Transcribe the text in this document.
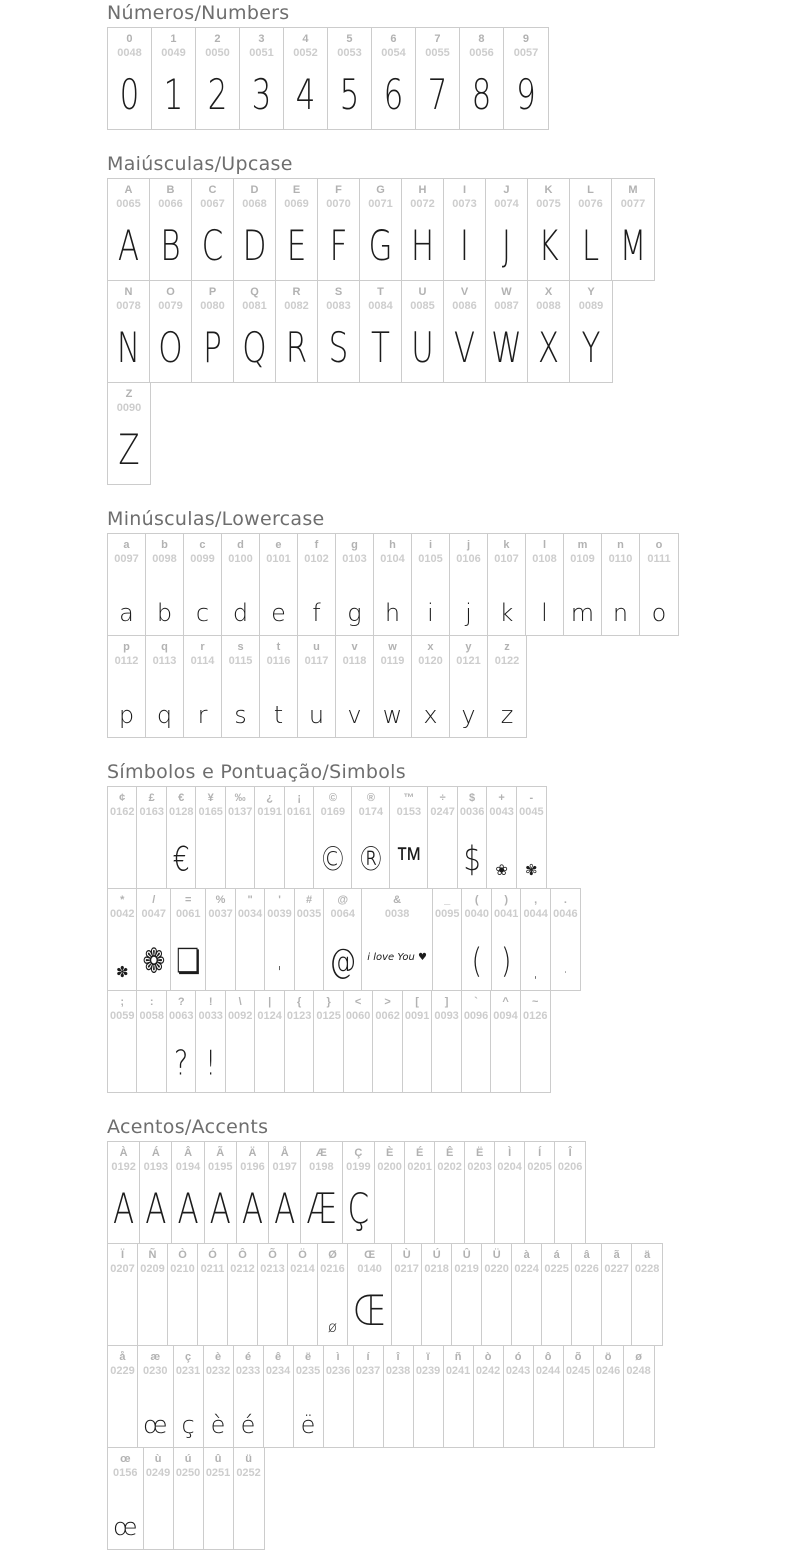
Números/Numbers
0
0048
0
1
0049
1
2
0050
2
3
0051
3
4
0052
4
5
0053
5
6
0054
6
7
0055
7
8
0056
8
9
0057
9
Maiúsculas/Upcase
A
0065
A
B
0066
B
C
0067
C
D
0068
D
E
0069
E
F
0070
F
G
0071
G
H
0072
H
I
0073
I
J
0074
J
K
0075
K
L
0076
L
M
0077
M
N
0078
N
O
0079
O
P
0080
P
Q
0081
Q
R
0082
R
S
0083
S
T
0084
T
U
0085
U
V
0086
V
W
0087
W
X
0088
X
Y
0089
Y
Z
0090
Z
Minúsculas/Lowercase
a
0097
a
b
0098
b
c
0099
c
d
0100
d
e
0101
e
f
0102
f
g
0103
g
h
0104
h
i
0105
i
j
0106
j
k
0107
k
l
0108
l
m
0109
m
n
0110
n
o
0111
o
p
0112
p
q
0113
q
r
0114
r
s
0115
s
t
0116
t
u
0117
u
v
0118
v
w
0119
w
x
0120
x
y
0121
y
z
0122
z
Símbolos e Pontuação/Simbols
¢
0162
£
0163
€
0128
€
¥
0165
‰
0137
¿
0191
¡
0161
©
0169
©
®
0174
®
™
0153
™
÷
0247
$
0036
$
+
0043
❀
-
0045
✾
*
0042
✽
/
0047
❁
=
0061
❏
%
0037
"
0034
'
0039
'
#
0035
@
0064
@
&
0038
i love You ♥
_
0095
(
0040
(
)
0041
)
,
0044
,
.
0046
·
;
0059
:
0058
?
0063
?
!
0033
!
\
0092
|
0124
{
0123
}
0125
<
0060
>
0062
[
0091
]
0093
`
0096
^
0094
~
0126
Acentos/Accents
À
0192
A
Á
0193
A
Â
0194
A
Ã
0195
A
Ä
0196
A
Å
0197
A
Æ
0198
Æ
Ç
0199
Ç
È
0200
É
0201
Ê
0202
Ë
0203
Ì
0204
Í
0205
Î
0206
Ï
0207
Ñ
0209
Ò
0210
Ó
0211
Ô
0212
Õ
0213
Ö
0214
Ø
0216
ø
Œ
0140
Œ
Ù
0217
Ú
0218
Û
0219
Ü
0220
à
0224
á
0225
â
0226
ã
0227
ä
0228
å
0229
æ
0230
œ
ç
0231
ç
è
0232
è
é
0233
é
ê
0234
ë
0235
ë
ì
0236
í
0237
î
0238
ï
0239
ñ
0241
ò
0242
ó
0243
ô
0244
õ
0245
ö
0246
ø
0248
œ
0156
œ
ù
0249
ú
0250
û
0251
ü
0252
